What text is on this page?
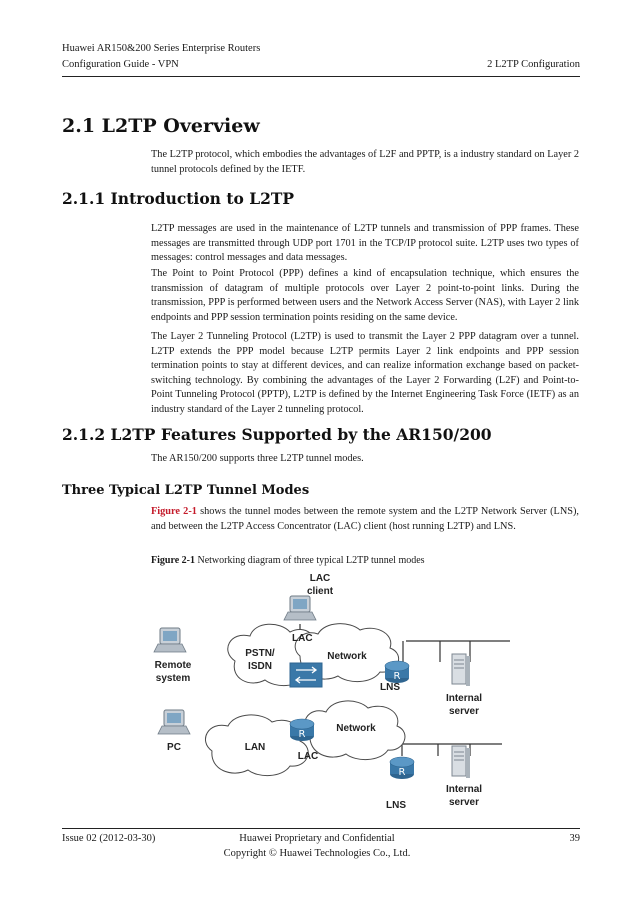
Huawei AR150&200 Series Enterprise Routers
Configuration Guide - VPN	2 L2TP Configuration
2.1 L2TP Overview
The L2TP protocol, which embodies the advantages of L2F and PPTP, is a industry standard on Layer 2 tunnel protocols defined by the IETF.
2.1.1 Introduction to L2TP
L2TP messages are used in the maintenance of L2TP tunnels and transmission of PPP frames. These messages are transmitted through UDP port 1701 in the TCP/IP protocol suite. L2TP uses two types of messages: control messages and data messages.
The Point to Point Protocol (PPP) defines a kind of encapsulation technique, which ensures the transmission of datagram of multiple protocols over Layer 2 point-to-point links. During the transmission, PPP is performed between users and the Network Access Server (NAS), with Layer 2 link endpoints and PPP session termination points residing on the same device.
The Layer 2 Tunneling Protocol (L2TP) is used to transmit the Layer 2 PPP datagram over a tunnel. L2TP extends the PPP model because L2TP permits Layer 2 link endpoints and PPP session termination points to stay at different devices, and can realize information exchange based on packet-switching technology. By combining the advantages of the Layer 2 Forwarding (L2F) and Point-to-Point Tunneling Protocol (PPTP), L2TP is defined by the Internet Engineering Task Force (IETF) as an industry standard of the Layer 2 tunneling protocol.
2.1.2 L2TP Features Supported by the AR150/200
The AR150/200 supports three L2TP tunnel modes.
Three Typical L2TP Tunnel Modes
Figure 2-1 shows the tunnel modes between the remote system and the L2TP Network Server (LNS), and between the L2TP Access Concentrator (LAC) client (host running L2TP) and LNS.
Figure 2-1 Networking diagram of three typical L2TP tunnel modes
R	LAC
client
LAC
PSTN/
ISDN
Network
Remote
system
LNS
Internal
server
Network
PC	LAN
LAC
LNS
Internal
server
Issue 02 (2012-03-30)	Huawei Proprietary and Confidential
Copyright © Huawei Technologies Co., Ltd.
39
